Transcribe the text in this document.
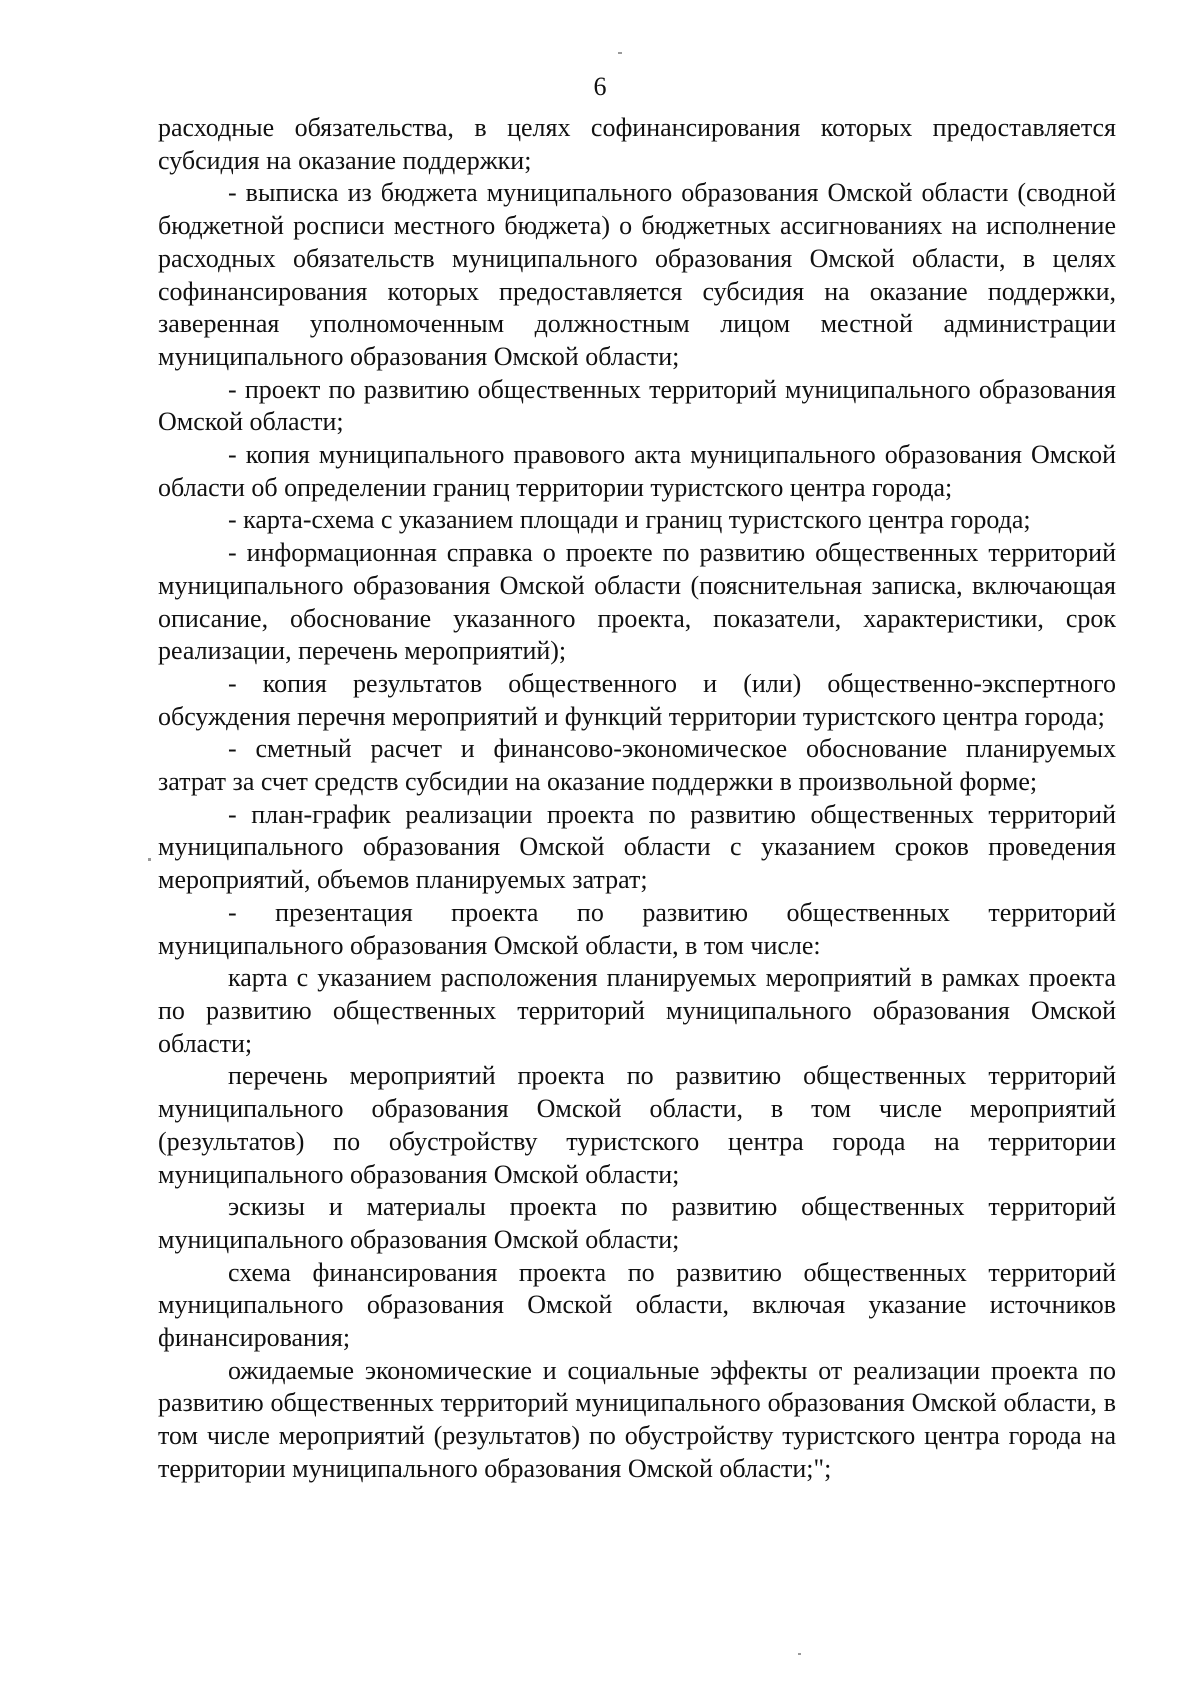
6

расходные обязательства, в целях софинансирования которых предоставляется субсидия на оказание поддержки;

- выписка из бюджета муниципального образования Омской области (сводной бюджетной росписи местного бюджета) о бюджетных ассигнованиях на исполнение расходных обязательств муниципального образования Омской области, в целях софинансирования которых предоставляется субсидия на оказание поддержки, заверенная уполномоченным должностным лицом местной администрации муниципального образования Омской области;

- проект по развитию общественных территорий муниципального образования Омской области;

- копия муниципального правового акта муниципального образования Омской области об определении границ территории туристского центра города;

- карта-схема с указанием площади и границ туристского центра города;

- информационная справка о проекте по развитию общественных территорий муниципального образования Омской области (пояснительная записка, включающая описание, обоснование указанного проекта, показатели, характеристики, срок реализации, перечень мероприятий);

- копия результатов общественного и (или) общественно-экспертного обсуждения перечня мероприятий и функций территории туристского центра города;

- сметный расчет и финансово-экономическое обоснование планируемых затрат за счет средств субсидии на оказание поддержки в произвольной форме;

- план-график реализации проекта по развитию общественных территорий муниципального образования Омской области с указанием сроков проведения мероприятий, объемов планируемых затрат;

- презентация проекта по развитию общественных территорий муниципального образования Омской области, в том числе:

карта с указанием расположения планируемых мероприятий в рамках проекта по развитию общественных территорий муниципального образования Омской области;

перечень мероприятий проекта по развитию общественных территорий муниципального образования Омской области, в том числе мероприятий (результатов) по обустройству туристского центра города на территории муниципального образования Омской области;

эскизы и материалы проекта по развитию общественных территорий муниципального образования Омской области;

схема финансирования проекта по развитию общественных территорий муниципального образования Омской области, включая указание источников финансирования;

ожидаемые экономические и социальные эффекты от реализации проекта по развитию общественных территорий муниципального образования Омской области, в том числе мероприятий (результатов) по обустройству туристского центра города на территории муниципального образования Омской области;";
